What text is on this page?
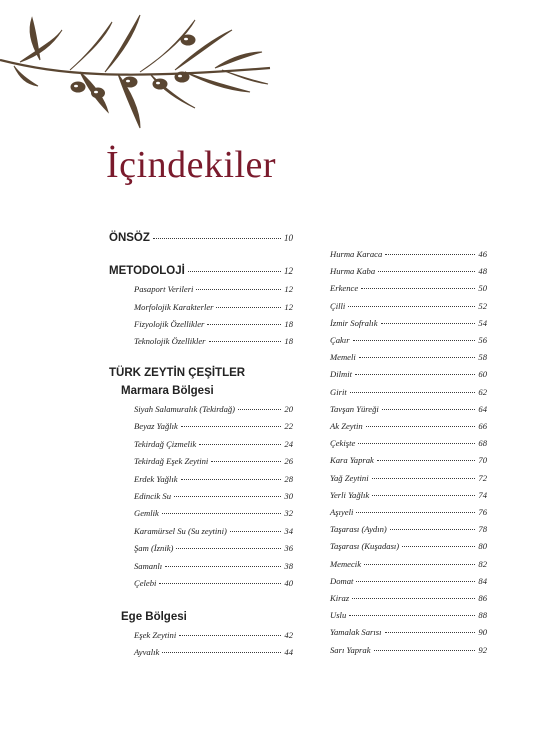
İçindekiler
ÖNSÖZ	10
METODOLOJİ	12
Pasaport Verileri	12
Morfolojik Karakterler	12
Fizyolojik Özellikler	18
Teknolojik Özellikler	18
TÜRK ZEYTİN ÇEŞİTLER
Marmara Bölgesi
Siyah Salamuralık (Tekirdağ)	20
Beyaz Yağlık	22
Tekirdağ Çizmelik	24
Tekirdağ Eşek Zeytini	26
Erdek Yağlık	28
Edincik Su	30
Gemlik	32
Karamürsel Su (Su zeytini)	34
Şam (İznik)	36
Samanlı	38
Çelebi	40
Ege Bölgesi
Eşek Zeytini	42
Ayvalık	44
Hurma Karaca	46
Hurma Kaba	48
Erkence	50
Çilli	52
İzmir Sofralık	54
Çakır	56
Memeli	58
Dilmit	60
Girit	62
Tavşan Yüreği	64
Ak Zeytin	66
Çekişte	68
Kara Yaprak	70
Yağ Zeytini	72
Yerli Yağlık	74
Aşıyeli	76
Taşarası (Aydın)	78
Taşarası (Kuşadası)	80
Memecik	82
Domat	84
Kiraz	86
Uslu	88
Yamalak Sarısı	90
Sarı Yaprak	92
